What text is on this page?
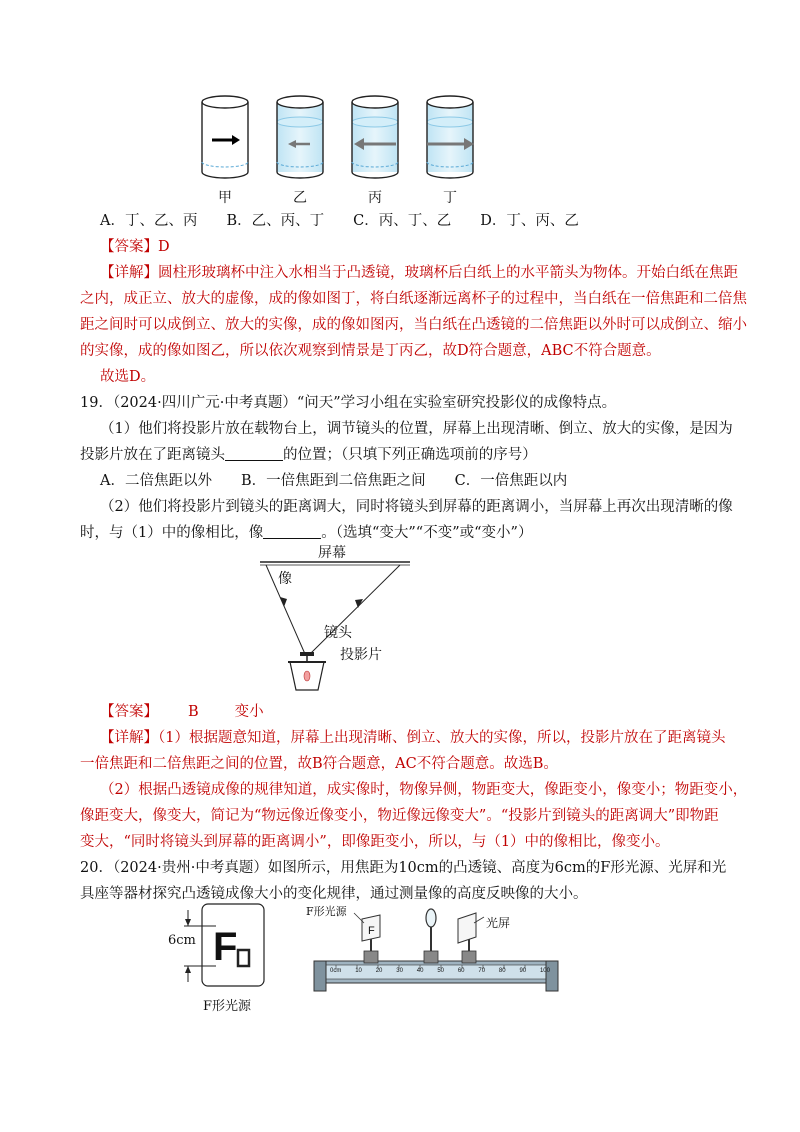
甲	乙	丙	丁
A．丁、乙、丙　　B．乙、丙、丁　　C．丙、丁、乙　　D．丁、丙、乙
【答案】D
【详解】圆柱形玻璃杯中注入水相当于凸透镜，玻璃杯后白纸上的水平箭头为物体。开始白纸在焦距
之内，成正立、放大的虚像，成的像如图丁，将白纸逐渐远离杯子的过程中，当白纸在一倍焦距和二倍焦
距之间时可以成倒立、放大的实像，成的像如图丙，当白纸在凸透镜的二倍焦距以外时可以成倒立、缩小
的实像，成的像如图乙，所以依次观察到情景是丁丙乙，故D符合题意，ABC不符合题意。
故选D。
19．（2024·四川广元·中考真题）“问天”学习小组在实验室研究投影仪的成像特点。
（1）他们将投影片放在载物台上，调节镜头的位置，屏幕上出现清晰、倒立、放大的实像，是因为
投影片放在了距离镜头	的位置；（只填下列正确选项前的序号）
A．二倍焦距以外　　B．一倍焦距到二倍焦距之间　　C．一倍焦距以内
（2）他们将投影片到镜头的距离调大，同时将镜头到屏幕的距离调小，当屏幕上再次出现清晰的像
时，与（1）中的像相比，像	。（选填“变大”“不变”或“变小”）
屏幕
像
镜头
投影片
【答案】 B 变小
【详解】（1）根据题意知道，屏幕上出现清晰、倒立、放大的实像，所以，投影片放在了距离镜头
一倍焦距和二倍焦距之间的位置，故B符合题意，AC不符合题意。故选B。
（2）根据凸透镜成像的规律知道，成实像时，物像异侧，物距变大，像距变小，像变小；物距变小，
像距变大，像变大，简记为“物远像近像变小，物近像远像变大”。“投影片到镜头的距离调大”即物距
变大，“同时将镜头到屏幕的距离调小”，即像距变小，所以，与（1）中的像相比，像变小。
20．（2024·贵州·中考真题）如图所示，用焦距为10cm的凸透镜、高度为6cm的F形光源、光屏和光
具座等器材探究凸透镜成像大小的变化规律，通过测量像的高度反映像的大小。
6cm F
F形光源
F形光源
光屏
F
0cm 10 20 30 40 50 60 70 80 90 100
